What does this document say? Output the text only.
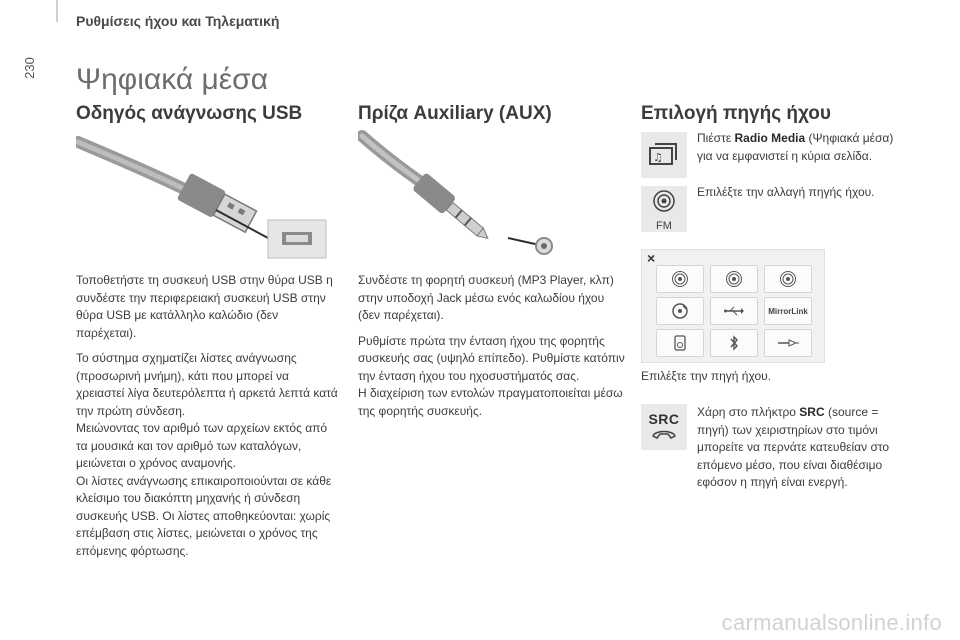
230
Ρυθμίσεις ήχου και Τηλεματική
Ψηφιακά μέσα
Οδηγός ανάγνωσης USB

Τοποθετήστε τη συσκευή USB στην θύρα USB η συνδέστε την περιφερειακή συσκευή USB στην θύρα USB με κατάλληλο καλώδιο (δεν παρέχεται).

Το σύστημα σχηματίζει λίστες ανάγνωσης (προσωρινή μνήμη), κάτι που μπορεί να χρειαστεί λίγα δευτερόλεπτα ή αρκετά λεπτά κατά την πρώτη σύνδεση.
Μειώνοντας τον αριθμό των αρχείων εκτός από τα μουσικά και τον αριθμό των καταλόγων, μειώνεται ο χρόνος αναμονής.
Οι λίστες ανάγνωσης επικαιροποιούνται σε κάθε κλείσιμο του διακόπτη μηχανής ή σύνδεση συσκευής USB. Οι λίστες αποθηκεύονται: χωρίς επέμβαση στις λίστες, μειώνεται ο χρόνος της επόμενης φόρτωσης.

Πρίζα Auxiliary (AUX)

Συνδέστε τη φορητή συσκευή (MP3 Player, κλπ) στην υποδοχή Jack μέσω ενός καλωδίου ήχου (δεν παρέχεται).

Ρυθμίστε πρώτα την ένταση ήχου της φορητής συσκευής σας (υψηλό επίπεδο). Ρυθμίστε κατόπιν την ένταση ήχου του ηχοσυστήματός σας.
Η διαχείριση των εντολών πραγματοποιείται μέσω της φορητής συσκευής.

Επιλογή πηγής ήχου
♫
Πιέστε Radio Media (Ψηφιακά μέσα) για να εμφανιστεί η κύρια σελίδα.
FM
Επιλέξτε την αλλαγή πηγής ήχου.
×
MirrorLink
Επιλέξτε την πηγή ήχου.
SRC	Χάρη στο πλήκτρο SRC (source = πηγή) των χειριστηρίων στο τιμόνι μπορείτε να περνάτε κατευθείαν στο επόμενο μέσο, που είναι διαθέσιμο εφόσον η πηγή είναι ενεργή.
carmanualsonline.info
